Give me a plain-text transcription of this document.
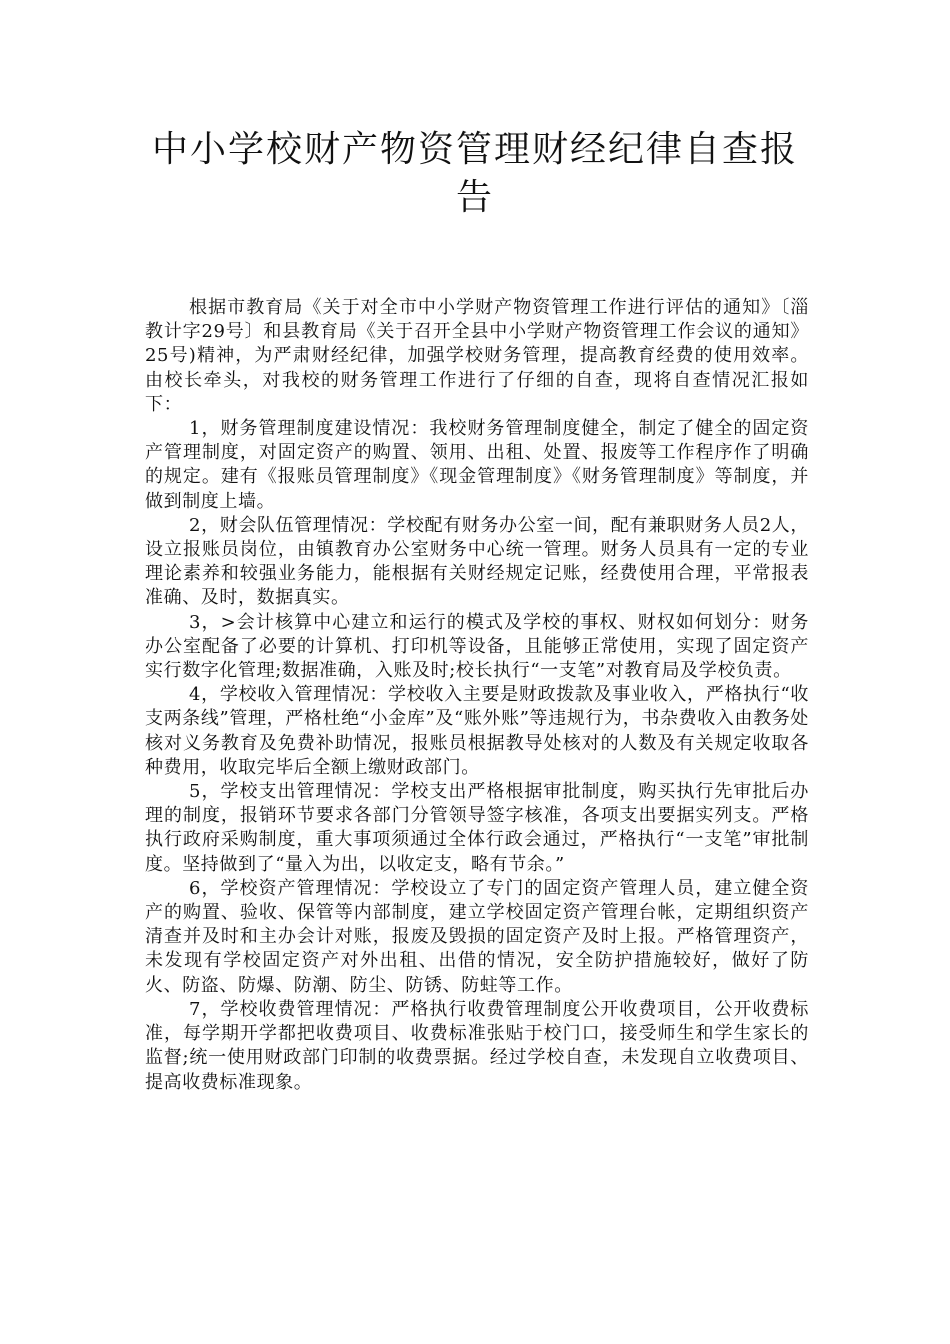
中小学校财产物资管理财经纪律自查报
告

根据市教育局《关于对全市中小学财产物资管理工作进行评估的通知》〔淄教计字29号〕和县教育局《关于召开全县中小学财产物资管理工作会议的通知》25号)精神，为严肃财经纪律，加强学校财务管理，提高教育经费的使用效率。由校长牵头，对我校的财务管理工作进行了仔细的自查，现将自查情况汇报如下：

1，财务管理制度建设情况：我校财务管理制度健全，制定了健全的固定资产管理制度，对固定资产的购置、领用、出租、处置、报废等工作程序作了明确的规定。建有《报账员管理制度》《现金管理制度》《财务管理制度》等制度，并做到制度上墙。

2，财会队伍管理情况：学校配有财务办公室一间，配有兼职财务人员2人，设立报账员岗位，由镇教育办公室财务中心统一管理。财务人员具有一定的专业理论素养和较强业务能力，能根据有关财经规定记账，经费使用合理，平常报表准确、及时，数据真实。

3，>会计核算中心建立和运行的模式及学校的事权、财权如何划分：财务办公室配备了必要的计算机、打印机等设备，且能够正常使用，实现了固定资产实行数字化管理;数据准确，入账及时;校长执行“一支笔”对教育局及学校负责。

4，学校收入管理情况：学校收入主要是财政拨款及事业收入，严格执行“收支两条线”管理，严格杜绝“小金库”及“账外账”等违规行为，书杂费收入由教务处核对义务教育及免费补助情况，报账员根据教导处核对的人数及有关规定收取各种费用，收取完毕后全额上缴财政部门。

5，学校支出管理情况：学校支出严格根据审批制度，购买执行先审批后办理的制度，报销环节要求各部门分管领导签字核准，各项支出要据实列支。严格执行政府采购制度，重大事项须通过全体行政会通过，严格执行“一支笔”审批制度。坚持做到了“量入为出，以收定支，略有节余。”

6，学校资产管理情况：学校设立了专门的固定资产管理人员，建立健全资产的购置、验收、保管等内部制度，建立学校固定资产管理台帐，定期组织资产清查并及时和主办会计对账，报废及毁损的固定资产及时上报。严格管理资产，未发现有学校固定资产对外出租、出借的情况，安全防护措施较好，做好了防火、防盗、防爆、防潮、防尘、防锈、防蛀等工作。

7，学校收费管理情况：严格执行收费管理制度公开收费项目，公开收费标准，每学期开学都把收费项目、收费标准张贴于校门口，接受师生和学生家长的监督;统一使用财政部门印制的收费票据。经过学校自查，未发现自立收费项目、提高收费标准现象。
